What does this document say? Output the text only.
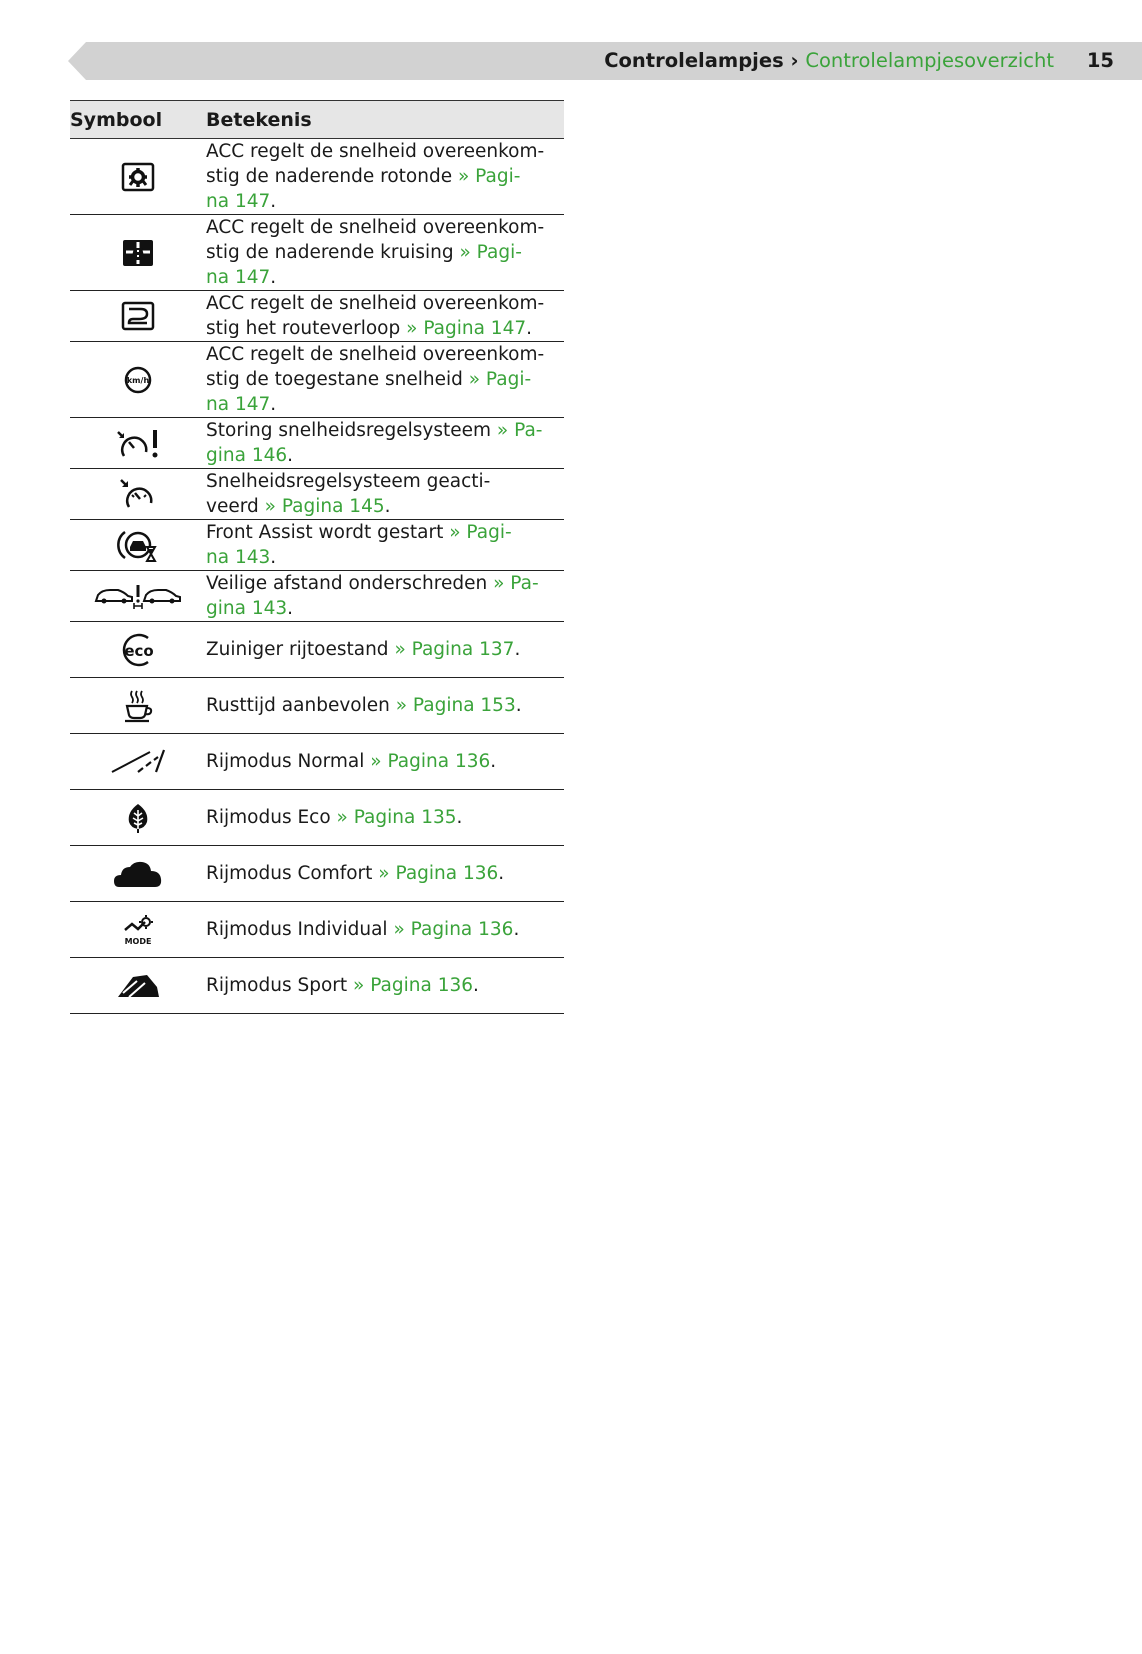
Controlelampjes › Controlelampjesoverzicht 15
Symbool	Betekenis
	ACC regelt de snelheid overeenkom-
stig de naderende rotonde » Pagi-
na 147.
	ACC regelt de snelheid overeenkom-
stig de naderende kruising » Pagi-
na 147.
	ACC regelt de snelheid overeenkom-
stig het routeverloop » Pagina 147.

km/h	ACC regelt de snelheid overeenkom-
stig de toegestane snelheid » Pagi-
na 147.
	Storing snelheidsregelsysteem » Pa-
gina 146.
	Snelheidsregelsysteem geacti-
veerd » Pagina 145.
	Front Assist wordt gestart » Pagi-
na 143.
	Veilige afstand onderschreden » Pa-
gina 143.

eco	Zuiniger rijtoestand » Pagina 137.
	Rusttijd aanbevolen » Pagina 153.
	Rijmodus Normal » Pagina 136.
	Rijmodus Eco » Pagina 135.
	Rijmodus Comfort » Pagina 136.

MODE	Rijmodus Individual » Pagina 136.
	Rijmodus Sport » Pagina 136.
